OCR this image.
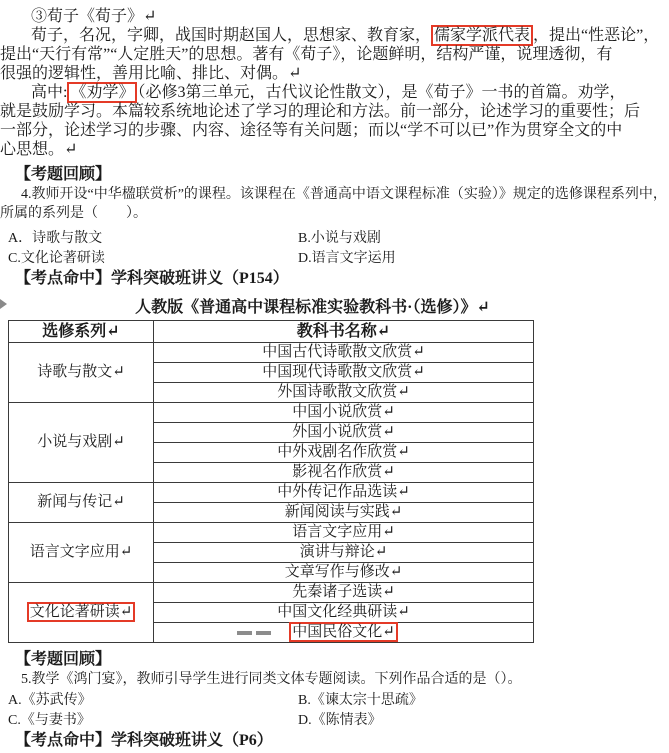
③荀子《荀子》↵
荀子，名况，字卿，战国时期赵国人，思想家、教育家， 儒家学派代表 ，提出“性恶论”，
提出“天行有常”“人定胜天”的思想。著有《荀子》，论题鲜明，结构严谨，说理透彻，有
很强的逻辑性，善用比喻、排比、对偶。↵
高中: 《劝学》 （必修3第三单元，古代议论性散文），是《荀子》一书的首篇。劝学，
就是鼓励学习。本篇较系统地论述了学习的理论和方法。前一部分，论述学习的重要性；后
一部分，论述学习的步骤、内容、途径等有关问题；而以“学不可以已”作为贯穿全文的中
心思想。↵
【考题回顾】
4.教师开设“中华楹联赏析”的课程。该课程在《普通高中语文课程标准（实验）》规定的选修课程系列中，
所属的系列是（　　）。
A．诗歌与散文	B.小说与戏剧
C.文化论著研读	D.语言文字运用
【考点命中】学科突破班讲义（P154）
人教版《普通高中课程标准实验教科书·（选修）》↵
选修系列↵	教科书名称↵
诗歌与散文↵	中国古代诗歌散文欣赏↵
	中国现代诗歌散文欣赏↵
	外国诗歌散文欣赏↵
小说与戏剧↵	中国小说欣赏↵
	外国小说欣赏↵
	中外戏剧名作欣赏↵
	影视名作欣赏↵
新闻与传记↵	中外传记作品选读↵
	新闻阅读与实践↵
语言文字应用↵	语言文字应用↵
	演讲与辩论↵
	文章写作与修改↵
文化论著研读↵	先秦诸子选读↵
	中国文化经典研读↵
	中国民俗文化↵
【考题回顾】
5.教学《鸿门宴》，教师引导学生进行同类文体专题阅读。下列作品合适的是（）。
A.《苏武传》	B.《谏太宗十思疏》
C.《与妻书》	D.《陈情表》
【考点命中】学科突破班讲义（P6）
